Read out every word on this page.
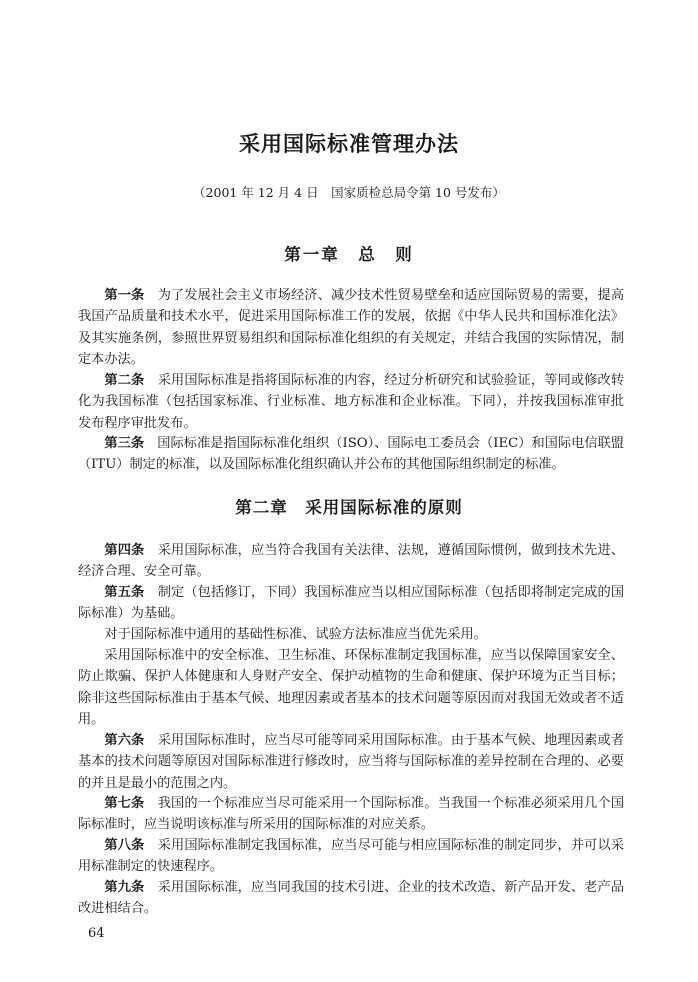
采用国际标准管理办法
（2001 年 12 月 4 日　国家质检总局令第 10 号发布）
第一章　总　则
第一条　为了发展社会主义市场经济、减少技术性贸易壁垒和适应国际贸易的需要，提高我国产品质量和技术水平，促进采用国际标准工作的发展，依据《中华人民共和国标准化法》及其实施条例，参照世界贸易组织和国际标准化组织的有关规定，并结合我国的实际情况，制定本办法。
第二条　采用国际标准是指将国际标准的内容，经过分析研究和试验验证，等同或修改转化为我国标准（包括国家标准、行业标准、地方标准和企业标准。下同），并按我国标准审批发布程序审批发布。
第三条　国际标准是指国际标准化组织（ISO）、国际电工委员会（IEC）和国际电信联盟（ITU）制定的标准，以及国际标准化组织确认并公布的其他国际组织制定的标准。
第二章　采用国际标准的原则
第四条　采用国际标准，应当符合我国有关法律、法规，遵循国际惯例，做到技术先进、经济合理、安全可靠。
第五条　制定（包括修订，下同）我国标准应当以相应国际标准（包括即将制定完成的国际标准）为基础。
对于国际标准中通用的基础性标准、试验方法标准应当优先采用。
采用国际标准中的安全标准、卫生标准、环保标准制定我国标准，应当以保障国家安全、防止欺骗、保护人体健康和人身财产安全、保护动植物的生命和健康、保护环境为正当目标；除非这些国际标准由于基本气候、地理因素或者基本的技术问题等原因而对我国无效或者不适用。
第六条　采用国际标准时，应当尽可能等同采用国际标准。由于基本气候、地理因素或者基本的技术问题等原因对国际标准进行修改时，应当将与国际标准的差异控制在合理的、必要的并且是最小的范围之内。
第七条　我国的一个标准应当尽可能采用一个国际标准。当我国一个标准必须采用几个国际标准时，应当说明该标准与所采用的国际标准的对应关系。
第八条　采用国际标准制定我国标准，应当尽可能与相应国际标准的制定同步，并可以采用标准制定的快速程序。
第九条　采用国际标准，应当同我国的技术引进、企业的技术改造、新产品开发、老产品改进相结合。
64
